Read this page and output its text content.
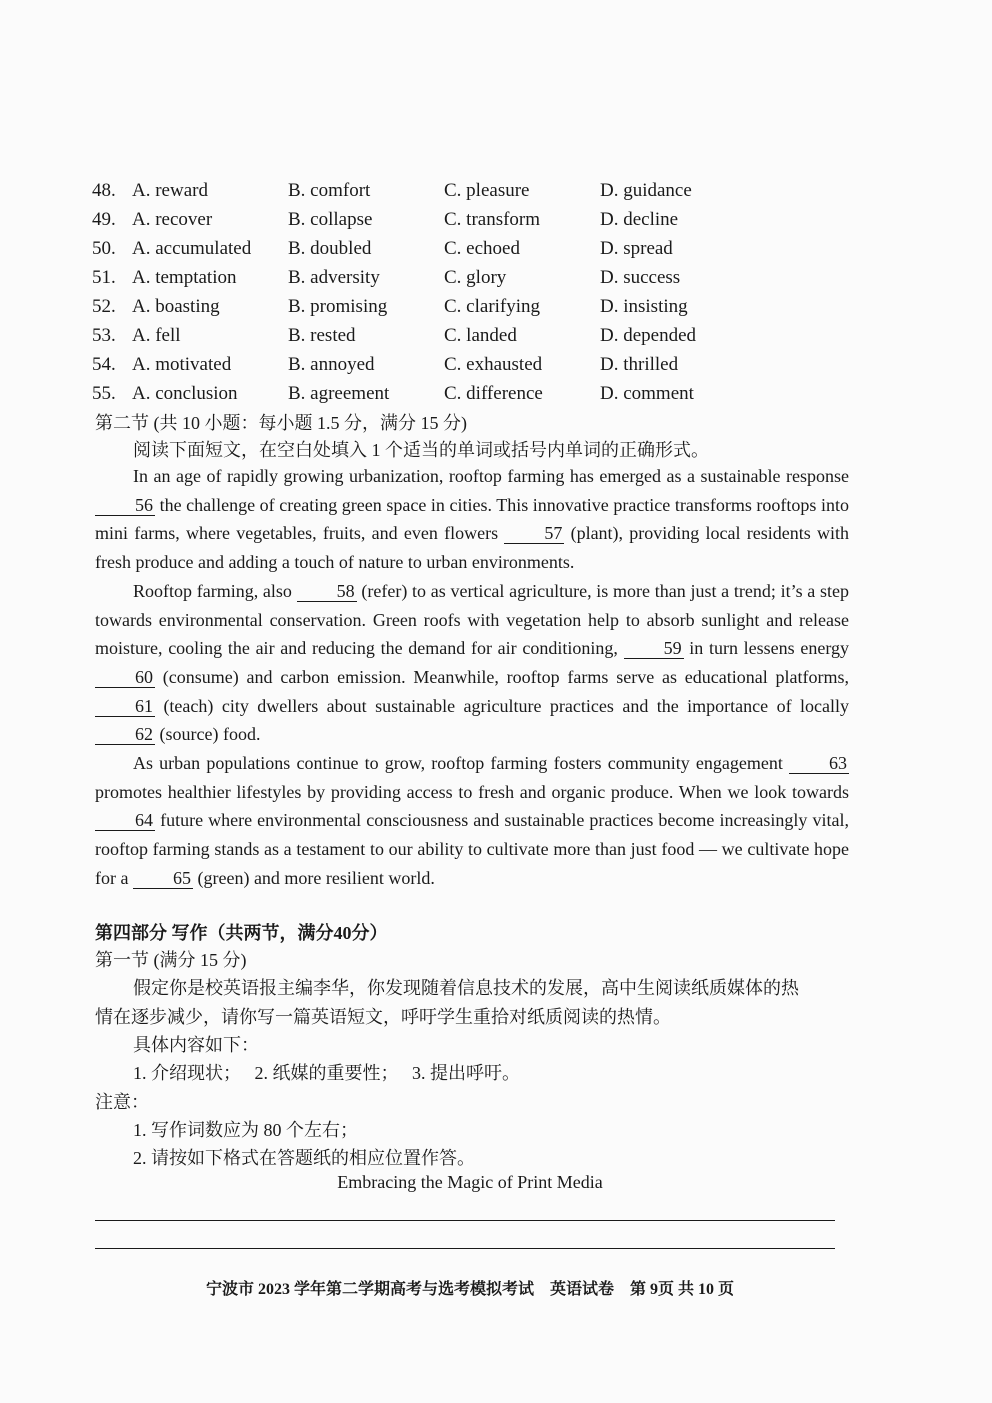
48. A. reward	B. comfort	C. pleasure	D. guidance
49. A. recover	B. collapse	C. transform	D. decline
50. A. accumulated B. doubled	C. echoed	D. spread
51. A. temptation	B. adversity	C. glory	D. success
52. A. boasting	B. promising	C. clarifying	D. insisting
53. A. fell	B. rested	C. landed	D. depended
54. A. motivated	B. annoyed	C. exhausted	D. thrilled
55. A. conclusion	B. agreement	C. difference	D. comment
第二节 (共 10 小题：每小题 1.5 分，满分 15 分)
阅读下面短文，在空白处填入 1 个适当的单词或括号内单词的正确形式。

In an age of rapidly growing urbanization, rooftop farming has emerged as a sustainable response 56 the challenge of creating green space in cities. This innovative practice transforms rooftops into mini farms, where vegetables, fruits, and even flowers 57 (plant), providing local residents with fresh produce and adding a touch of nature to urban environments.

Rooftop farming, also 58 (refer) to as vertical agriculture, is more than just a trend; it’s a step towards environmental conservation. Green roofs with vegetation help to absorb sunlight and release moisture, cooling the air and reducing the demand for air conditioning, 59 in turn lessens energy 60 (consume) and carbon emission. Meanwhile, rooftop farms serve as educational platforms, 61 (teach) city dwellers about sustainable agriculture practices and the importance of locally 62 (source) food.

As urban populations continue to grow, rooftop farming fosters community engagement 63 promotes healthier lifestyles by providing access to fresh and organic produce. When we look towards 64 future where environmental consciousness and sustainable practices become increasingly vital, rooftop farming stands as a testament to our ability to cultivate more than just food — we cultivate hope for a 65 (green) and more resilient world.

第四部分 写作（共两节，满分40分）
第一节 (满分 15 分)
假定你是校英语报主编李华，你发现随着信息技术的发展，高中生阅读纸质媒体的热
情在逐步减少，请你写一篇英语短文，呼吁学生重拾对纸质阅读的热情。
具体内容如下：
1. 介绍现状；   2. 纸媒的重要性；   3. 提出呼吁。
注意：
1. 写作词数应为 80 个左右；
2. 请按如下格式在答题纸的相应位置作答。
Embracing the Magic of Print Media
宁波市 2023 学年第二学期高考与选考模拟考试　英语试卷　第 9页 共 10 页
